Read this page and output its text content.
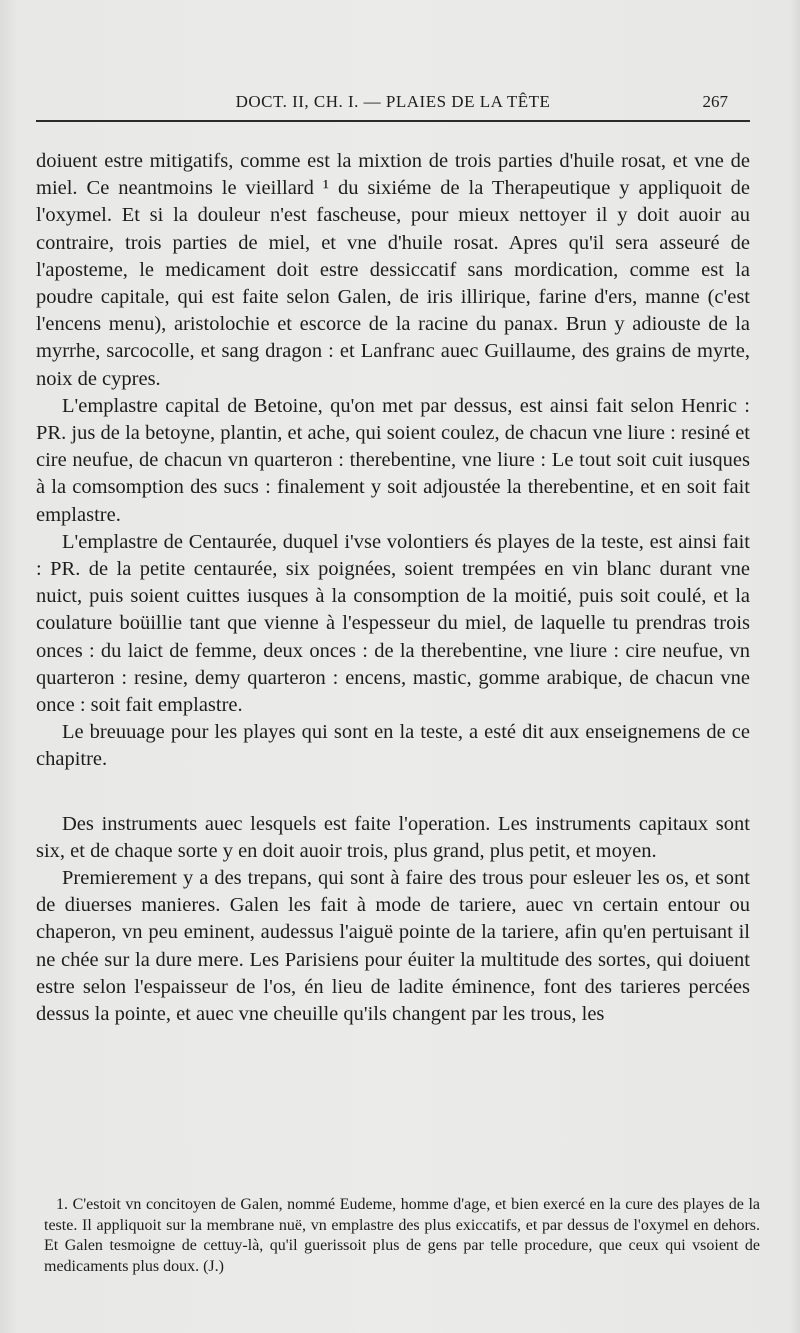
DOCT. II, CH. I. — PLAIES DE LA TÊTE	267

doiuent estre mitigatifs, comme est la mixtion de trois parties d'huile rosat, et vne de miel. Ce neantmoins le vieillard ¹ du sixiéme de la Therapeutique y appliquoit de l'oxymel. Et si la douleur n'est fascheuse, pour mieux nettoyer il y doit auoir au contraire, trois parties de miel, et vne d'huile rosat. Apres qu'il sera asseuré de l'aposteme, le medicament doit estre dessiccatif sans mordication, comme est la poudre capitale, qui est faite selon Galen, de iris illirique, farine d'ers, manne (c'est l'encens menu), aristolochie et escorce de la racine du panax. Brun y adiouste de la myrrhe, sarcocolle, et sang dragon : et Lanfranc auec Guillaume, des grains de myrte, noix de cypres.

L'emplastre capital de Betoine, qu'on met par dessus, est ainsi fait selon Henric : PR. jus de la betoyne, plantin, et ache, qui soient coulez, de chacun vne liure : resiné et cire neufue, de chacun vn quarteron : therebentine, vne liure : Le tout soit cuit iusques à la comsomption des sucs : finalement y soit adjoustée la therebentine, et en soit fait emplastre.

L'emplastre de Centaurée, duquel i'vse volontiers és playes de la teste, est ainsi fait : PR. de la petite centaurée, six poignées, soient trempées en vin blanc durant vne nuict, puis soient cuittes iusques à la consomption de la moitié, puis soit coulé, et la coulature boüillie tant que vienne à l'espesseur du miel, de laquelle tu prendras trois onces : du laict de femme, deux onces : de la therebentine, vne liure : cire neufue, vn quarteron : resine, demy quarteron : encens, mastic, gomme arabique, de chacun vne once : soit fait emplastre.

Le breuuage pour les playes qui sont en la teste, a esté dit aux enseignemens de ce chapitre.

Des instruments auec lesquels est faite l'operation. Les instruments capitaux sont six, et de chaque sorte y en doit auoir trois, plus grand, plus petit, et moyen.

Premierement y a des trepans, qui sont à faire des trous pour esleuer les os, et sont de diuerses manieres. Galen les fait à mode de tariere, auec vn certain entour ou chaperon, vn peu eminent, audessus l'aiguë pointe de la tariere, afin qu'en pertuisant il ne chée sur la dure mere. Les Parisiens pour éuiter la multitude des sortes, qui doiuent estre selon l'espaisseur de l'os, én lieu de ladite éminence, font des tarieres percées dessus la pointe, et auec vne cheuille qu'ils changent par les trous, les

1. C'estoit vn concitoyen de Galen, nommé Eudeme, homme d'age, et bien exercé en la cure des playes de la teste. Il appliquoit sur la membrane nuë, vn emplastre des plus exiccatifs, et par dessus de l'oxymel en dehors. Et Galen tesmoigne de cettuy-là, qu'il guerissoit plus de gens par telle procedure, que ceux qui vsoient de medicaments plus doux. (J.)
